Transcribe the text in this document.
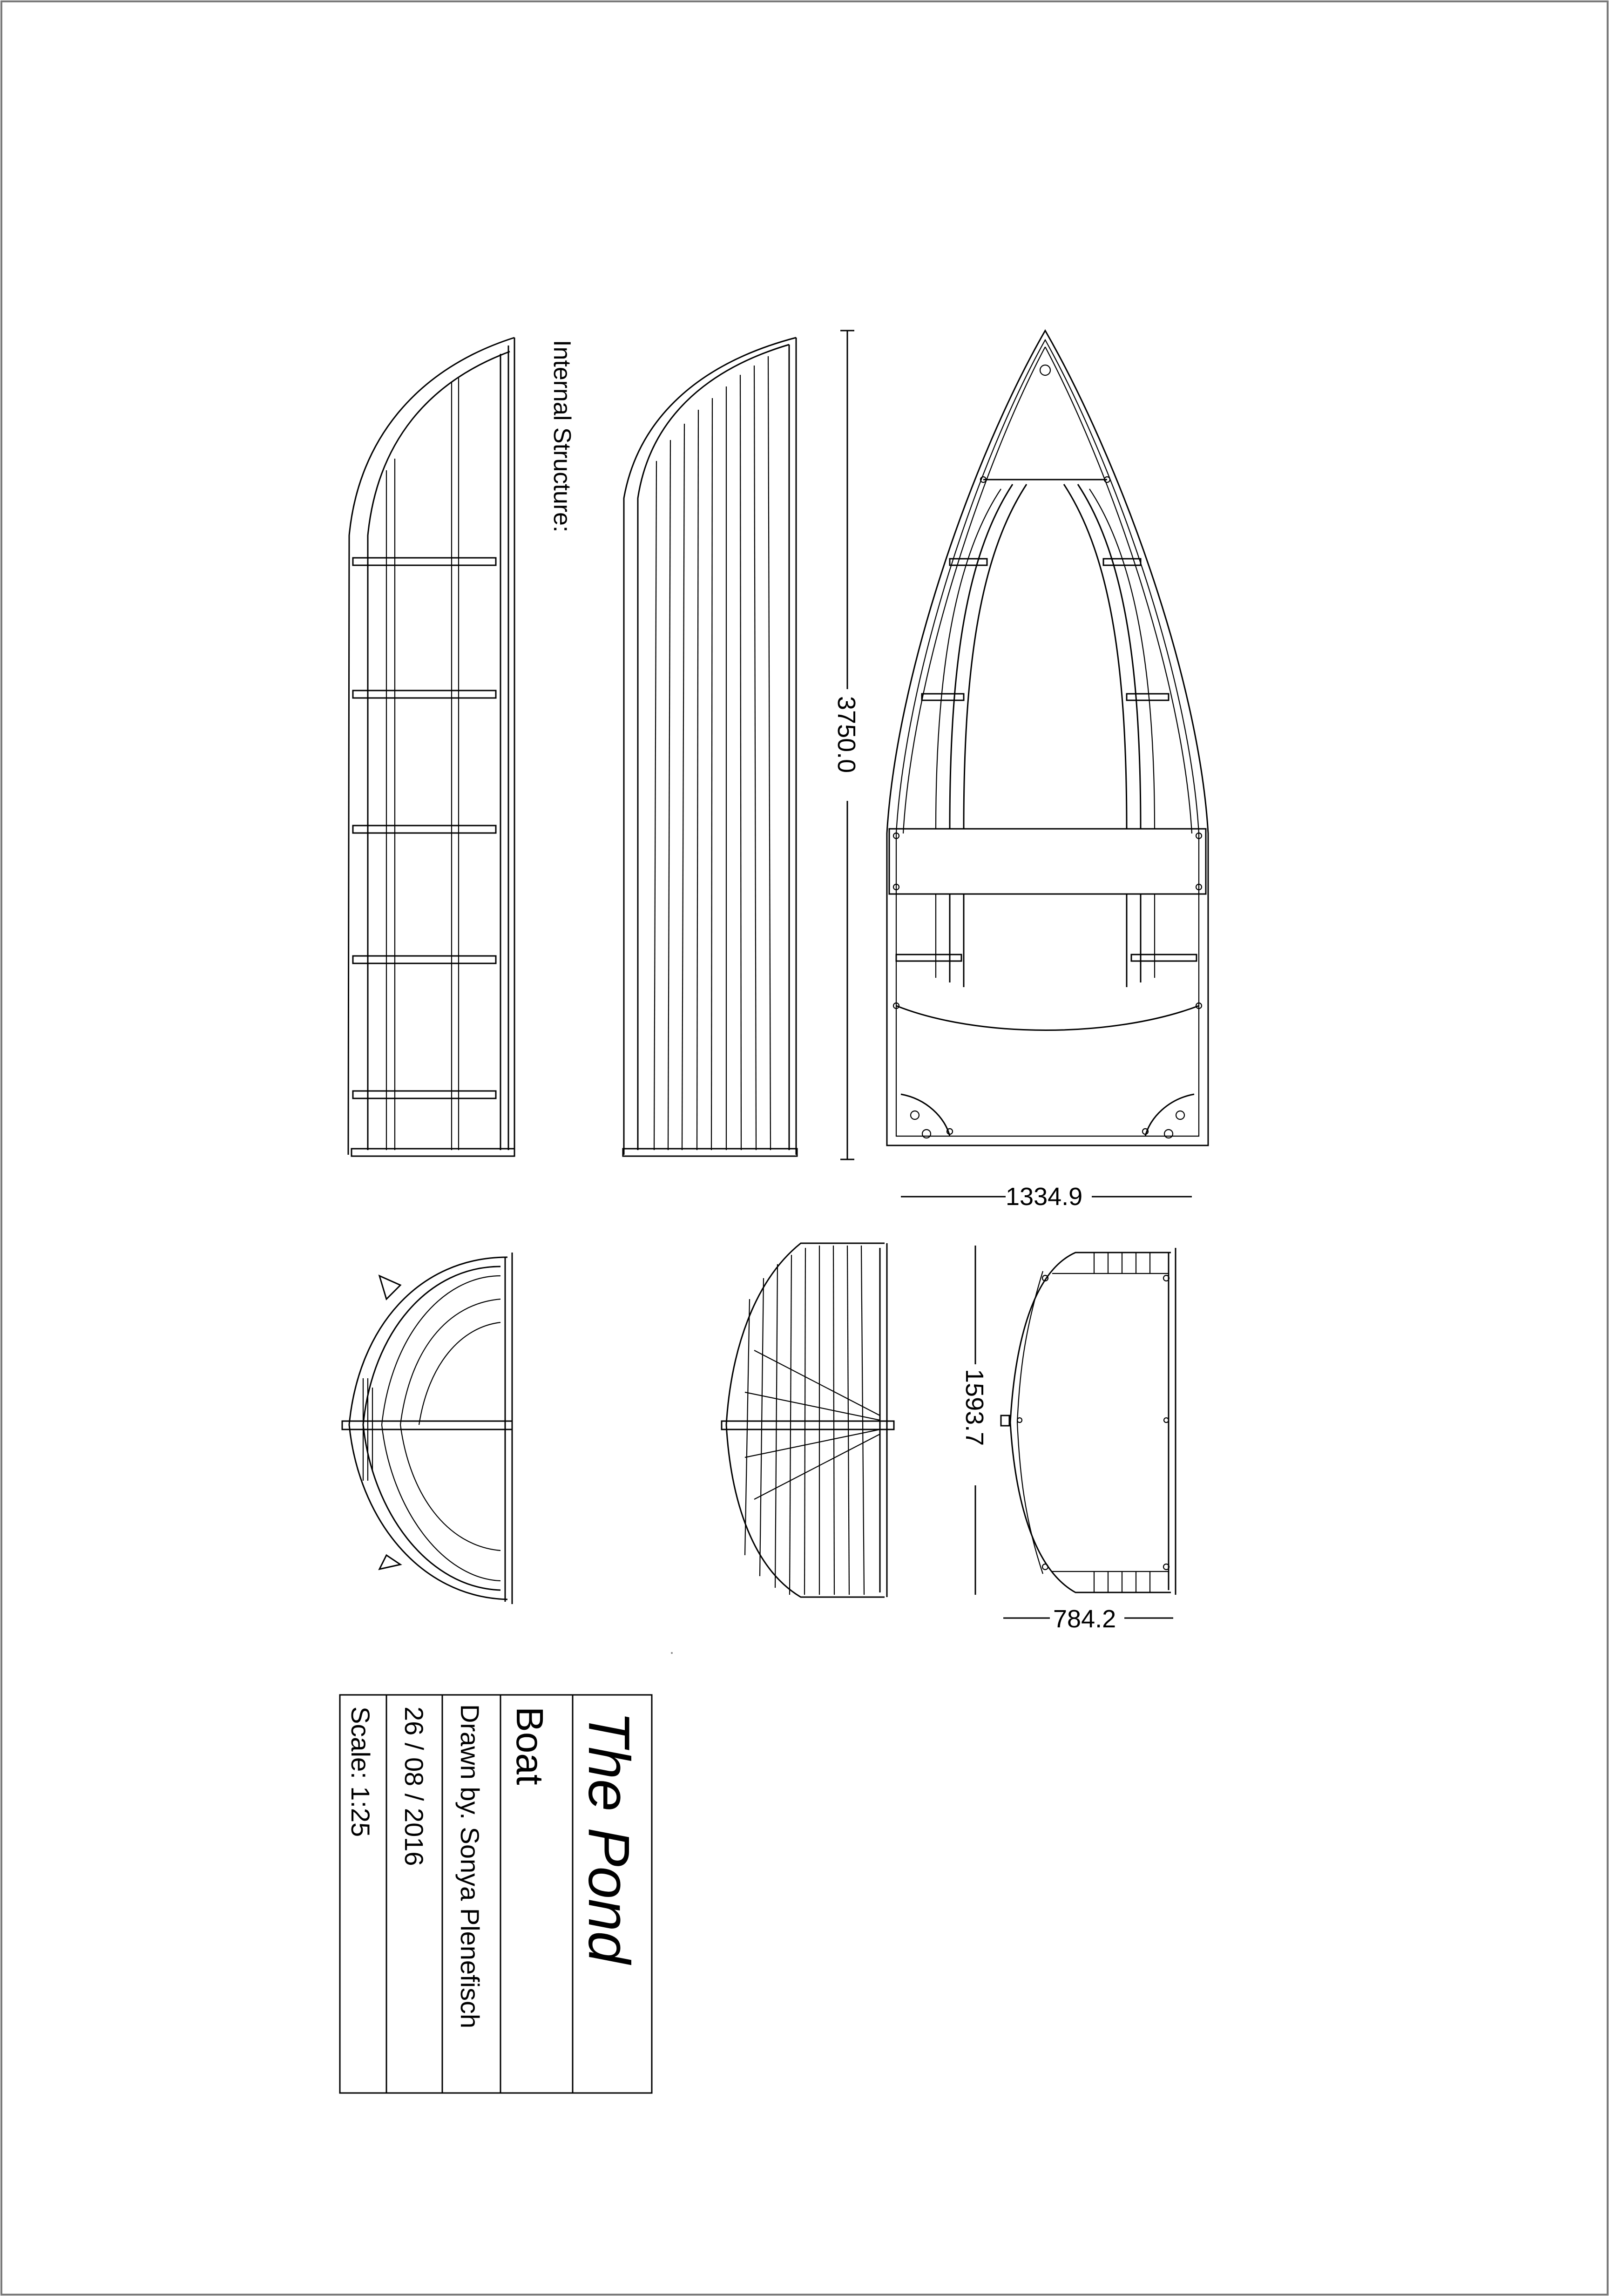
Internal Structure:
3750.0
1334.9
1593.7
784.2
The Pond
Boat
Drawn by. Sonya Plenefisch
26 / 08 / 2016
Scale: 1:25
